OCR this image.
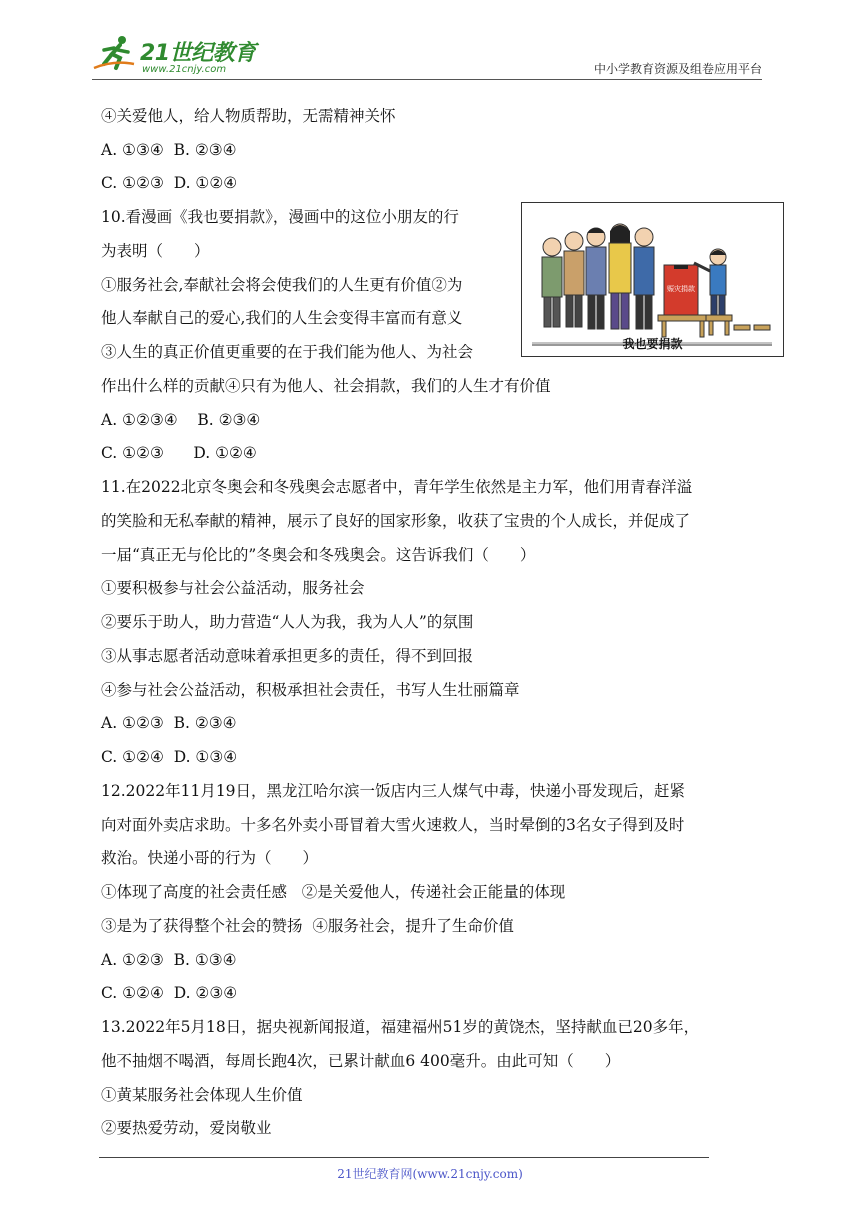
21世纪教育
www.21cnjy.com	中小学教育资源及组卷应用平台
④关爱他人，给人物质帮助，无需精神关怀
A. ①③④  B. ②③④
C. ①②③  D. ①②④
10.看漫画《我也要捐款》，漫画中的这位小朋友的行
为表明（　　）
①服务社会,奉献社会将会使我们的人生更有价值②为
他人奉献自己的爱心,我们的人生会变得丰富而有意义
③人生的真正价值更重要的在于我们能为他人、为社会
作出什么样的贡献④只有为他人、社会捐款，我们的人生才有价值
A. ①②③④    B. ②③④
C. ①②③      D. ①②④
11.在2022北京冬奥会和冬残奥会志愿者中，青年学生依然是主力军，他们用青春洋溢
的笑脸和无私奉献的精神，展示了良好的国家形象，收获了宝贵的个人成长，并促成了
一届“真正无与伦比的”冬奥会和冬残奥会。这告诉我们（　　）
①要积极参与社会公益活动，服务社会
②要乐于助人，助力营造“人人为我，我为人人”的氛围
③从事志愿者活动意味着承担更多的责任，得不到回报
④参与社会公益活动，积极承担社会责任，书写人生壮丽篇章
A. ①②③  B. ②③④
C. ①②④  D. ①③④
12.2022年11月19日，黑龙江哈尔滨一饭店内三人煤气中毒，快递小哥发现后，赶紧
向对面外卖店求助。十多名外卖小哥冒着大雪火速救人，当时晕倒的3名女子得到及时
救治。快递小哥的行为（　　）
①体现了高度的社会责任感   ②是关爱他人，传递社会正能量的体现
③是为了获得整个社会的赞扬  ④服务社会，提升了生命价值
A. ①②③  B. ①③④
C. ①②④  D. ②③④
13.2022年5月18日，据央视新闻报道，福建福州51岁的黄饶杰，坚持献血已20多年，
他不抽烟不喝酒，每周长跑4次，已累计献血6 400毫升。由此可知（　　）
①黄某服务社会体现人生价值
②要热爱劳动，爱岗敬业
赈灾捐款
我也要捐款
21世纪教育网(www.21cnjy.com)
